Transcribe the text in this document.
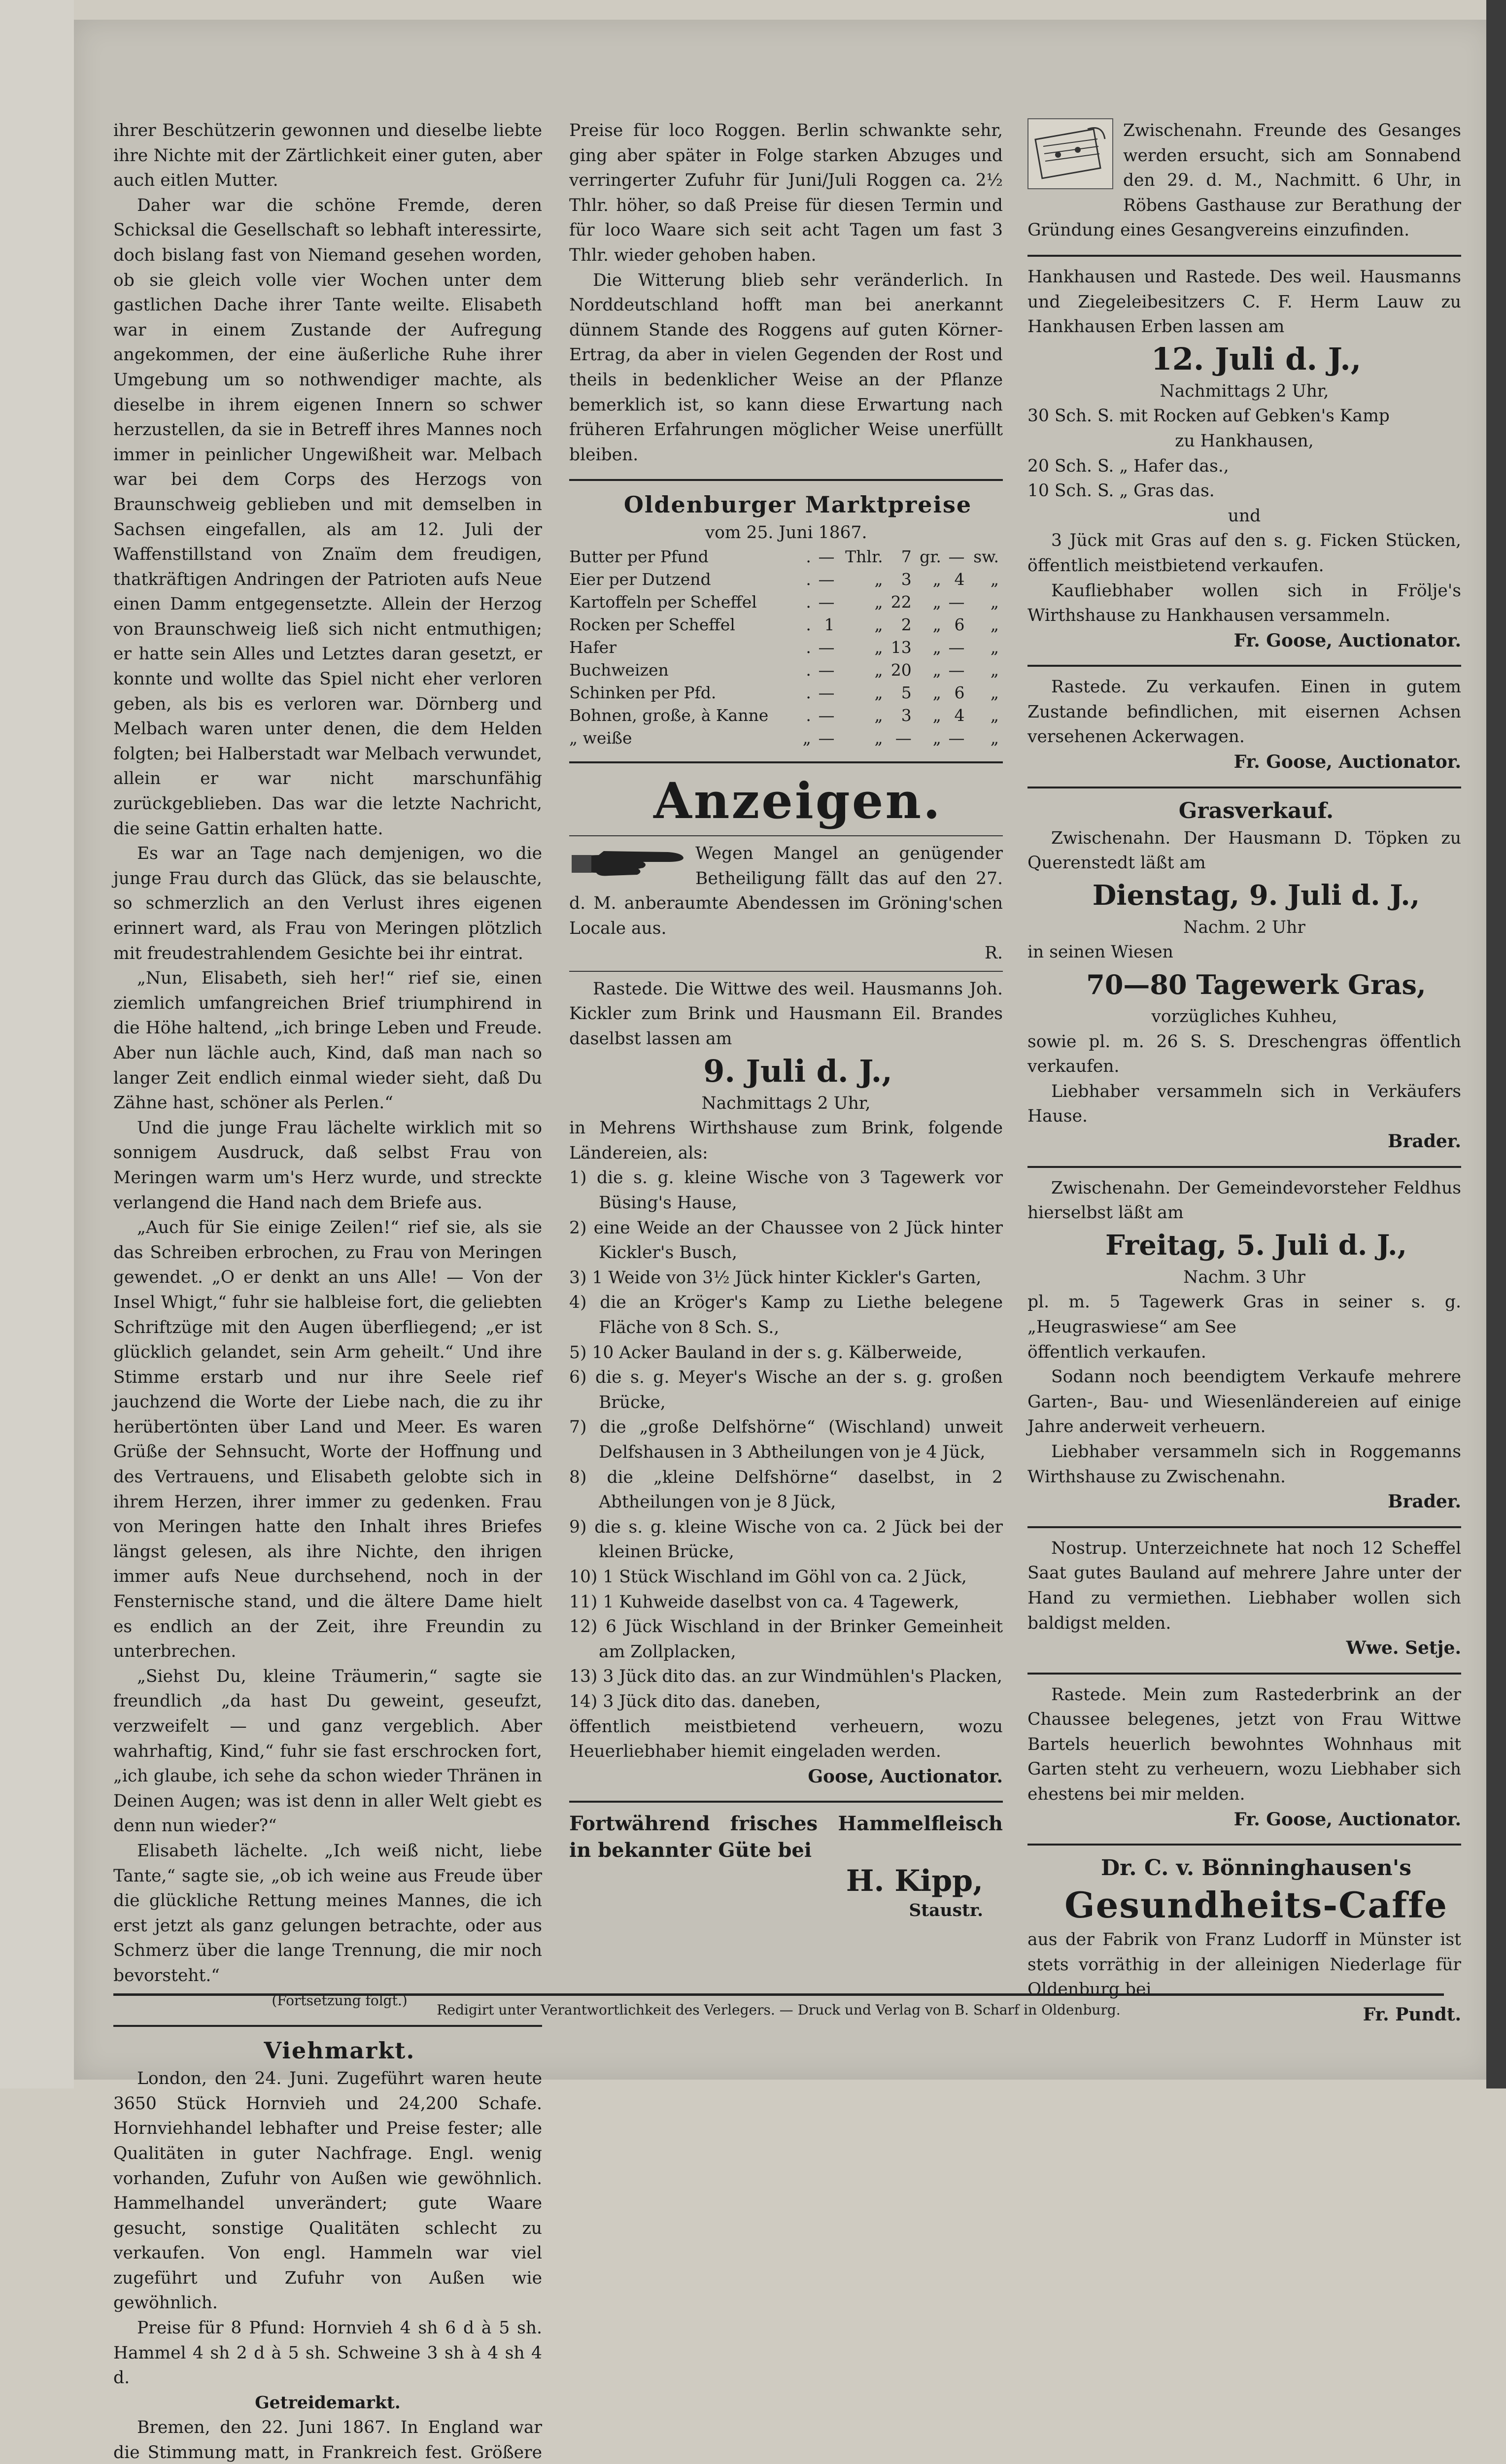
ihrer Beschützerin gewonnen und dieselbe liebte ihre Nichte mit der Zärtlichkeit einer guten, aber auch eitlen Mutter.

Daher war die schöne Fremde, deren Schicksal die Gesellschaft so lebhaft interessirte, doch bislang fast von Niemand gesehen worden, ob sie gleich volle vier Wochen unter dem gastlichen Dache ihrer Tante weilte. Elisabeth war in einem Zustande der Aufregung angekommen, der eine äußerliche Ruhe ihrer Umgebung um so nothwendiger machte, als dieselbe in ihrem eigenen Innern so schwer herzustellen, da sie in Betreff ihres Mannes noch immer in peinlicher Ungewißheit war. Melbach war bei dem Corps des Herzogs von Braunschweig geblieben und mit demselben in Sachsen eingefallen, als am 12. Juli der Waffenstillstand von Znaïm dem freudigen, thatkräftigen Andringen der Patrioten aufs Neue einen Damm entgegensetzte. Allein der Herzog von Braunschweig ließ sich nicht entmuthigen; er hatte sein Alles und Letztes daran gesetzt, er konnte und wollte das Spiel nicht eher verloren geben, als bis es verloren war. Dörnberg und Melbach waren unter denen, die dem Helden folgten; bei Halberstadt war Melbach verwundet, allein er war nicht marschunfähig zurückgeblieben. Das war die letzte Nachricht, die seine Gattin erhalten hatte.

Es war an Tage nach demjenigen, wo die junge Frau durch das Glück, das sie belauschte, so schmerzlich an den Verlust ihres eigenen erinnert ward, als Frau von Meringen plötzlich mit freudestrahlendem Gesichte bei ihr eintrat.

„Nun, Elisabeth, sieh her!“ rief sie, einen ziemlich umfangreichen Brief triumphirend in die Höhe haltend, „ich bringe Leben und Freude. Aber nun lächle auch, Kind, daß man nach so langer Zeit endlich einmal wieder sieht, daß Du Zähne hast, schöner als Perlen.“

Und die junge Frau lächelte wirklich mit so sonnigem Ausdruck, daß selbst Frau von Meringen warm um's Herz wurde, und streckte verlangend die Hand nach dem Briefe aus.

„Auch für Sie einige Zeilen!“ rief sie, als sie das Schreiben erbrochen, zu Frau von Meringen gewendet. „O er denkt an uns Alle! — Von der Insel Whigt,“ fuhr sie halbleise fort, die geliebten Schriftzüge mit den Augen überfliegend; „er ist glücklich gelandet, sein Arm geheilt.“ Und ihre Stimme erstarb und nur ihre Seele rief jauchzend die Worte der Liebe nach, die zu ihr herübertönten über Land und Meer. Es waren Grüße der Sehnsucht, Worte der Hoffnung und des Vertrauens, und Elisabeth gelobte sich in ihrem Herzen, ihrer immer zu gedenken. Frau von Meringen hatte den Inhalt ihres Briefes längst gelesen, als ihre Nichte, den ihrigen immer aufs Neue durchsehend, noch in der Fensternische stand, und die ältere Dame hielt es endlich an der Zeit, ihre Freundin zu unterbrechen.

„Siehst Du, kleine Träumerin,“ sagte sie freundlich „da hast Du geweint, geseufzt, verzweifelt — und ganz vergeblich. Aber wahrhaftig, Kind,“ fuhr sie fast erschrocken fort, „ich glaube, ich sehe da schon wieder Thränen in Deinen Augen; was ist denn in aller Welt giebt es denn nun wieder?“

Elisabeth lächelte. „Ich weiß nicht, liebe Tante,“ sagte sie, „ob ich weine aus Freude über die glückliche Rettung meines Mannes, die ich erst jetzt als ganz gelungen betrachte, oder aus Schmerz über die lange Trennung, die mir noch bevorsteht.“

(Fortsetzung folgt.)

Viehmarkt.

London, den 24. Juni. Zugeführt waren heute 3650 Stück Hornvieh und 24,200 Schafe. Hornviehhandel lebhafter und Preise fester; alle Qualitäten in guter Nachfrage. Engl. wenig vorhanden, Zufuhr von Außen wie gewöhnlich. Hammelhandel unverändert; gute Waare gesucht, sonstige Qualitäten schlecht zu verkaufen. Von engl. Hammeln war viel zugeführt und Zufuhr von Außen wie gewöhnlich.

Preise für 8 Pfund: Hornvieh 4 sh 6 d à 5 sh. Hammel 4 sh 2 d à 5 sh. Schweine 3 sh à 4 sh 4 d.

Getreidemarkt.

Bremen, den 22. Juni 1867. In England war die Stimmung matt, in Frankreich fest. Größere

Preise für loco Roggen. Berlin schwankte sehr, ging aber später in Folge starken Abzuges und verringerter Zufuhr für Juni/Juli Roggen ca. 2½ Thlr. höher, so daß Preise für diesen Termin und für loco Waare sich seit acht Tagen um fast 3 Thlr. wieder gehoben haben.

Die Witterung blieb sehr veränderlich. In Norddeutschland hofft man bei anerkannt dünnem Stande des Roggens auf guten Körner-Ertrag, da aber in vielen Gegenden der Rost und theils in bedenklicher Weise an der Pflanze bemerklich ist, so kann diese Erwartung nach früheren Erfahrungen möglicher Weise unerfüllt bleiben.

Oldenburger Marktpreise

vom 25. Juni 1867.

Butter per Pfund	.	—	Thlr.	7	gr.	—	sw.
Eier per Dutzend	.	—	„	3	„	4	„
Kartoffeln per Scheffel	.	—	„	22	„	—	„
Rocken per Scheffel	.	1	„	2	„	6	„
Hafer	.	—	„	13	„	—	„
Buchweizen	.	—	„	20	„	—	„
Schinken per Pfd.	.	—	„	5	„	6	„
Bohnen, große, à Kanne	.	—	„	3	„	4	„
„ weiße	„	—	„	—	„	—	„

Anzeigen.

Wegen Mangel an genügender Betheiligung fällt das auf den 27. d. M. anberaumte Abendessen im Gröning'schen Locale aus.

R.

Rastede. Die Wittwe des weil. Hausmanns Joh. Kickler zum Brink und Hausmann Eil. Brandes daselbst lassen am

9. Juli d. J.,

Nachmittags 2 Uhr,

in Mehrens Wirthshause zum Brink, folgende Ländereien, als:

1) die s. g. kleine Wische von 3 Tagewerk vor Büsing's Hause,

2) eine Weide an der Chaussee von 2 Jück hinter Kickler's Busch,

3) 1 Weide von 3½ Jück hinter Kickler's Garten,

4) die an Kröger's Kamp zu Liethe belegene Fläche von 8 Sch. S.,

5) 10 Acker Bauland in der s. g. Kälberweide,

6) die s. g. Meyer's Wische an der s. g. großen Brücke,

7) die „große Delfshörne“ (Wischland) unweit Delfshausen in 3 Abtheilungen von je 4 Jück,

8) die „kleine Delfshörne“ daselbst, in 2 Abtheilungen von je 8 Jück,

9) die s. g. kleine Wische von ca. 2 Jück bei der kleinen Brücke,

10) 1 Stück Wischland im Göhl von ca. 2 Jück,

11) 1 Kuhweide daselbst von ca. 4 Tagewerk,

12) 6 Jück Wischland in der Brinker Gemeinheit am Zollplacken,

13) 3 Jück dito das. an zur Windmühlen's Placken,

14) 3 Jück dito das. daneben,

öffentlich meistbietend verheuern, wozu Heuerliebhaber hiemit eingeladen werden.

Goose, Auctionator.

Fortwährend frisches Hammelfleisch in bekannter Güte bei

H. Kipp,

Staustr.

Zwischenahn. Freunde des Gesanges werden ersucht, sich am Sonnabend den 29. d. M., Nachmitt. 6 Uhr, in Röbens Gasthause zur Berathung der Gründung eines Gesangvereins einzufinden.

Hankhausen und Rastede. Des weil. Hausmanns und Ziegeleibesitzers C. F. Herm Lauw zu Hankhausen Erben lassen am

12. Juli d. J.,

Nachmittags 2 Uhr,

30 Sch. S. mit Rocken auf Gebken's Kamp

zu Hankhausen,

20 Sch. S. „ Hafer das.,

10 Sch. S. „ Gras das.

und

3 Jück mit Gras auf den s. g. Ficken Stücken, öffentlich meistbietend verkaufen.

Kaufliebhaber wollen sich in Frölje's Wirthshause zu Hankhausen versammeln.

Fr. Goose, Auctionator.

Rastede. Zu verkaufen. Einen in gutem Zustande befindlichen, mit eisernen Achsen versehenen Ackerwagen.

Fr. Goose, Auctionator.

Grasverkauf.

Zwischenahn. Der Hausmann D. Töpken zu Querenstedt läßt am

Dienstag, 9. Juli d. J.,

Nachm. 2 Uhr

in seinen Wiesen

70—80 Tagewerk Gras,

vorzügliches Kuhheu,

sowie pl. m. 26 S. S. Dreschengras öffentlich verkaufen.

Liebhaber versammeln sich in Verkäufers Hause.

Brader.

Zwischenahn. Der Gemeindevorsteher Feldhus hierselbst läßt am

Freitag, 5. Juli d. J.,

Nachm. 3 Uhr

pl. m. 5 Tagewerk Gras in seiner s. g. „Heugraswiese“ am See

öffentlich verkaufen.

Sodann noch beendigtem Verkaufe mehrere Garten-, Bau- und Wiesenländereien auf einige Jahre anderweit verheuern.

Liebhaber versammeln sich in Roggemanns Wirthshause zu Zwischenahn.

Brader.

Nostrup. Unterzeichnete hat noch 12 Scheffel Saat gutes Bauland auf mehrere Jahre unter der Hand zu vermiethen. Liebhaber wollen sich baldigst melden.

Wwe. Setje.

Rastede. Mein zum Rastederbrink an der Chaussee belegenes, jetzt von Frau Wittwe Bartels heuerlich bewohntes Wohnhaus mit Garten steht zu verheuern, wozu Liebhaber sich ehestens bei mir melden.

Fr. Goose, Auctionator.

Dr. C. v. Bönninghausen's

Gesundheits-Caffe

aus der Fabrik von Franz Ludorff in Münster ist stets vorräthig in der alleinigen Niederlage für Oldenburg bei

Fr. Pundt.

Redigirt unter Verantwortlichkeit des Verlegers. — Druck und Verlag von B. Scharf in Oldenburg.
